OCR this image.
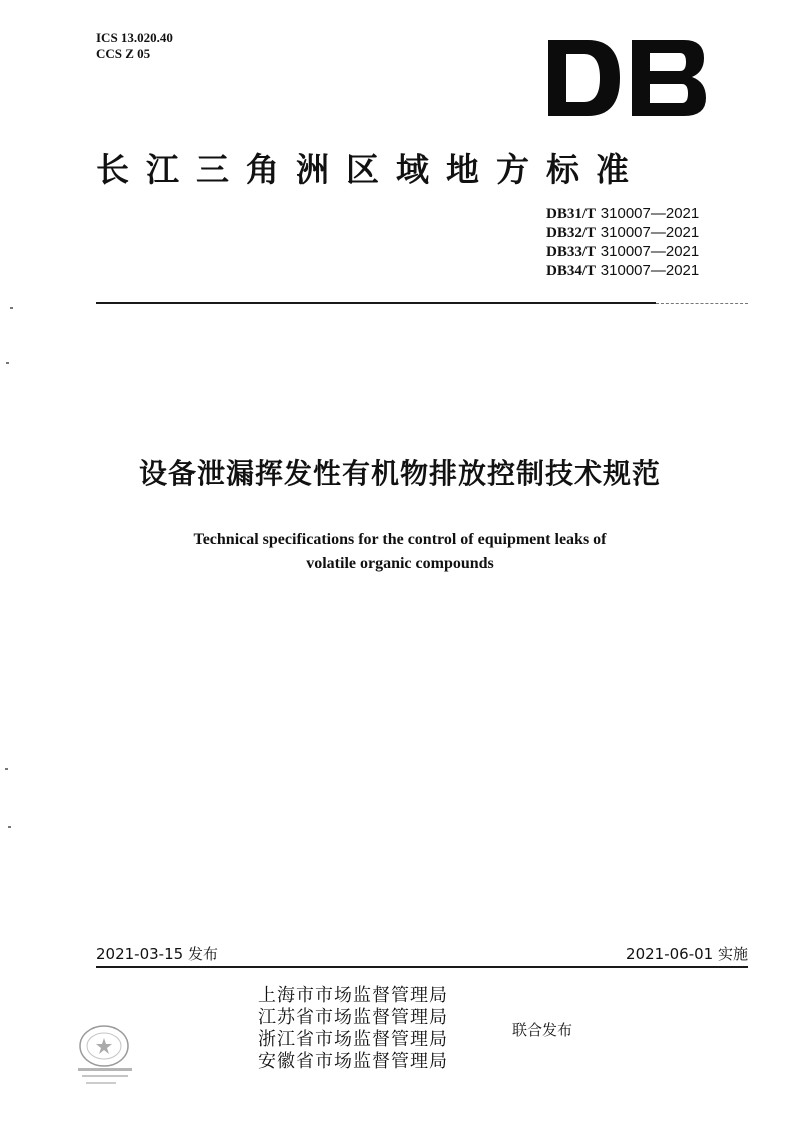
ICS 13.020.40
CCS Z 05
长江三角洲区域地方标准
DB31/T 310007—2021
DB32/T 310007—2021
DB33/T 310007—2021
DB34/T 310007—2021
设备泄漏挥发性有机物排放控制技术规范
Technical specifications for the control of equipment leaks of
volatile organic compounds
2021-03-15 发布	2021-06-01 实施
上海市市场监督管理局
江苏省市场监督管理局
浙江省市场监督管理局
安徽省市场监督管理局
联合发布
